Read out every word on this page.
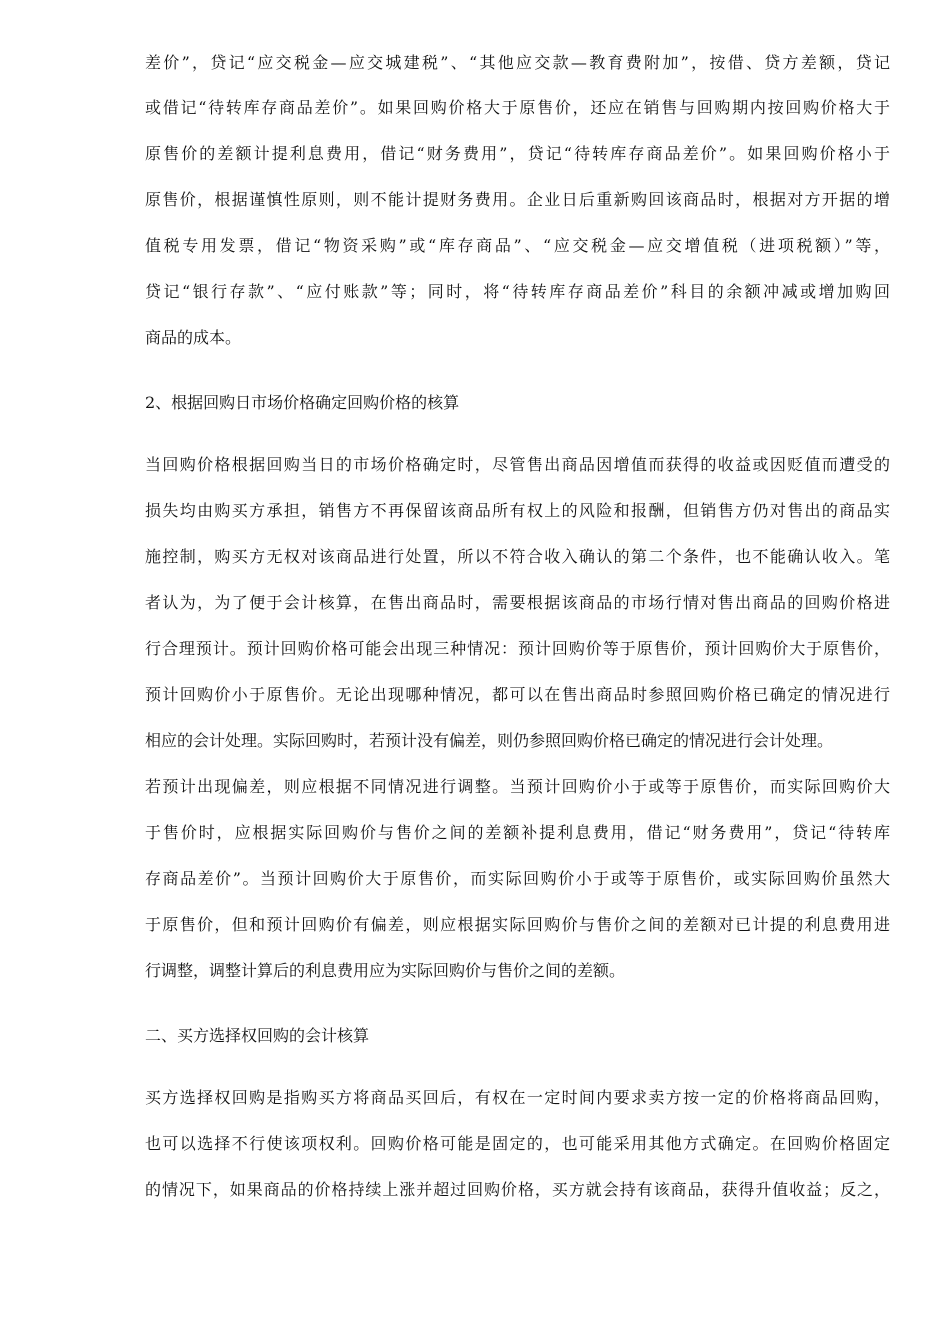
差价”，贷记“应交税金—应交城建税”、“其他应交款—教育费附加”，按借、贷方差额，贷记
或借记“待转库存商品差价”。如果回购价格大于原售价，还应在销售与回购期内按回购价格大于
原售价的差额计提利息费用，借记“财务费用”，贷记“待转库存商品差价”。如果回购价格小于
原售价，根据谨慎性原则，则不能计提财务费用。企业日后重新购回该商品时，根据对方开据的增
值税专用发票，借记“物资采购”或“库存商品”、“应交税金—应交增值税（进项税额）”等，
贷记“银行存款”、“应付账款”等；同时，将“待转库存商品差价”科目的余额冲减或增加购回
商品的成本。
2、根据回购日市场价格确定回购价格的核算
当回购价格根据回购当日的市场价格确定时，尽管售出商品因增值而获得的收益或因贬值而遭受的
损失均由购买方承担，销售方不再保留该商品所有权上的风险和报酬，但销售方仍对售出的商品实
施控制，购买方无权对该商品进行处置，所以不符合收入确认的第二个条件，也不能确认收入。笔
者认为，为了便于会计核算，在售出商品时，需要根据该商品的市场行情对售出商品的回购价格进
行合理预计。预计回购价格可能会出现三种情况：预计回购价等于原售价，预计回购价大于原售价，
预计回购价小于原售价。无论出现哪种情况，都可以在售出商品时参照回购价格已确定的情况进行
相应的会计处理。实际回购时，若预计没有偏差，则仍参照回购价格已确定的情况进行会计处理。
若预计出现偏差，则应根据不同情况进行调整。当预计回购价小于或等于原售价，而实际回购价大
于售价时，应根据实际回购价与售价之间的差额补提利息费用，借记“财务费用”，贷记“待转库
存商品差价”。当预计回购价大于原售价，而实际回购价小于或等于原售价，或实际回购价虽然大
于原售价，但和预计回购价有偏差，则应根据实际回购价与售价之间的差额对已计提的利息费用进
行调整，调整计算后的利息费用应为实际回购价与售价之间的差额。
二、买方选择权回购的会计核算
买方选择权回购是指购买方将商品买回后，有权在一定时间内要求卖方按一定的价格将商品回购，
也可以选择不行使该项权利。回购价格可能是固定的，也可能采用其他方式确定。在回购价格固定
的情况下，如果商品的价格持续上涨并超过回购价格，买方就会持有该商品，获得升值收益；反之，
